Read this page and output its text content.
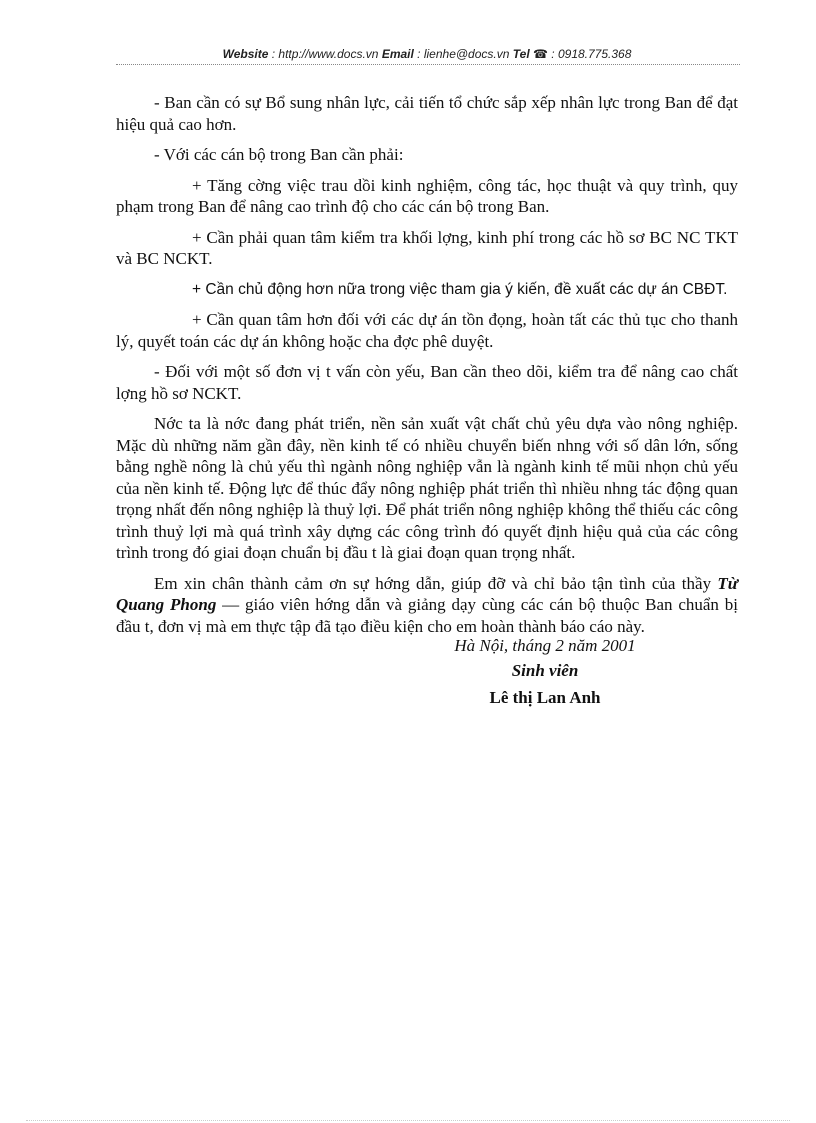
Website : http://www.docs.vn Email : lienhe@docs.vn Tel ☎ : 0918.775.368

- Ban cần có sự Bổ sung nhân lực, cải tiến tổ chức sắp xếp nhân lực trong Ban để đạt hiệu quả cao hơn.

- Với các cán bộ trong Ban cần phải:

+ Tăng cờng việc trau dồi kinh nghiệm, công tác, học thuật và quy trình, quy phạm trong Ban để nâng cao trình độ cho các cán bộ trong Ban.

+ Cần phải quan tâm kiểm tra khối lợng, kinh phí trong các hồ sơ BC NC TKT và BC NCKT.

+ Cần chủ động hơn nữa trong việc tham gia ý kiến, đề xuất các dự án CBĐT.

+ Cần quan tâm hơn đối với các dự án tồn đọng, hoàn tất các thủ tục cho thanh lý, quyết toán các dự án không hoặc cha đợc phê duyệt.

- Đối với một số đơn vị t vấn còn yếu, Ban cần theo dõi, kiểm tra để nâng cao chất lợng hồ sơ NCKT.

Nớc ta là nớc đang phát triển, nền sản xuất vật chất chủ yêu dựa vào nông nghiệp. Mặc dù những năm gần đây, nền kinh tế có nhiều chuyển biến nhng với số dân lớn, sống bằng nghề nông là chủ yếu thì ngành nông nghiệp vẫn là ngành kinh tế mũi nhọn chủ yếu của nền kinh tế. Động lực để thúc đẩy nông nghiệp phát triển thì nhiều nhng tác động quan trọng nhất đến nông nghiệp là thuỷ lợi. Để phát triển nông nghiệp không thể thiếu các công trình thuỷ lợi mà quá trình xây dựng các công trình đó quyết định hiệu quả của các công trình trong đó giai đoạn chuẩn bị đầu t là giai đoạn quan trọng nhất.

Em xin chân thành cảm ơn sự hớng dẫn, giúp đỡ và chỉ bảo tận tình của thầy Từ Quang Phong — giáo viên hớng dẫn và giảng dạy cùng các cán bộ thuộc Ban chuẩn bị đầu t, đơn vị mà em thực tập đã tạo điều kiện cho em hoàn thành báo cáo này.

Hà Nội, tháng 2 năm 2001
Sinh viên
Lê thị Lan Anh
